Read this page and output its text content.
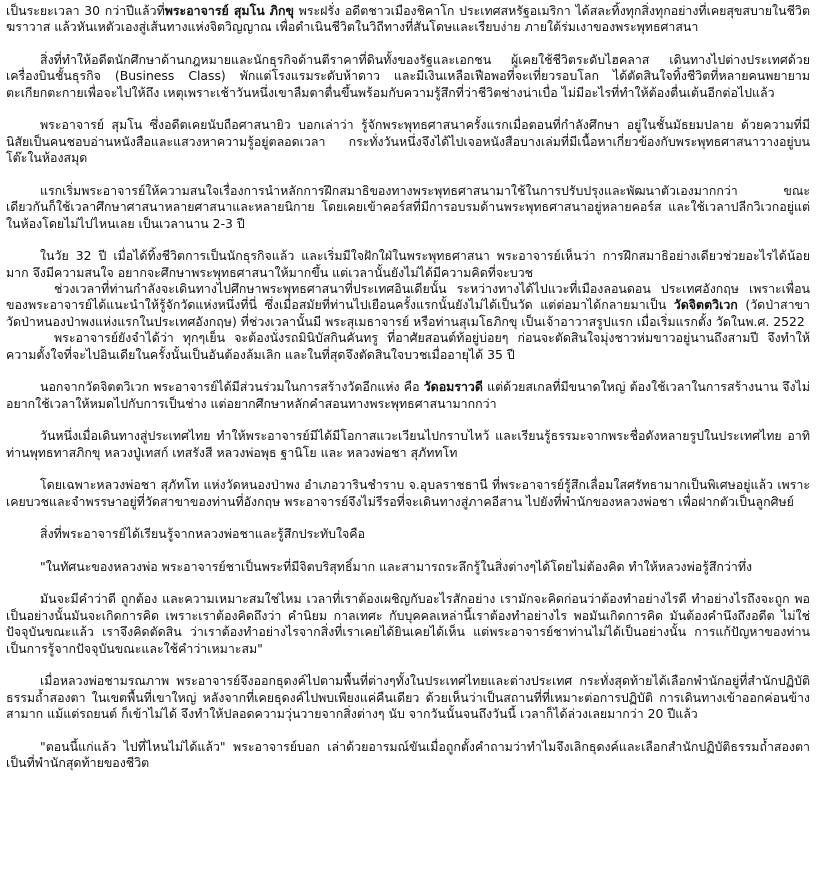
เป็นระยะเวลา 30 กว่าปีแล้วที่พระอาจารย์ สุมโน ภิกขุ พระฝรั่ง อดีตชาวเมืองชิคาโก ประเทศสหรัฐอเมริกา ได้สละทิ้งทุกสิ่งทุกอย่างที่เคยสุขสบายในชีวิตฆราวาส แล้วหันเหตัวเองสู่เส้นทางแห่งจิตวิญญาณ เพื่อดำเนินชีวิตในวิถีทางที่สันโดษและเรียบง่าย ภายใต้ร่มเงาของพระพุทธศาสนา

สิ่งที่ทำให้อดีตนักศึกษาด้านกฎหมายและนักธุรกิจด้านตีราคาที่ดินทั้งของรัฐและเอกชน ผู้เคยใช้ชีวิตระดับไฮคลาส เดินทางไปต่างประเทศด้วยเครื่องบินชั้นธุรกิจ (Business Class) พักแต่โรงแรมระดับห้าดาว และมีเงินเหลือเฟือพอที่จะเที่ยวรอบโลก ได้ตัดสินใจทิ้งชีวิตที่หลายคนพยายามตะเกียกตะกายเพื่อจะไปให้ถึง เหตุเพราะเช้าวันหนึ่งเขาลืมตาตื่นขึ้นพร้อมกับความรู้สึกที่ว่าชีวิตช่างน่าเบื่อ ไม่มีอะไรที่ทำให้ต้องตื่นเต้นอีกต่อไปแล้ว

พระอาจารย์ สุมโน ซึ่งอดีตเคยนับถือศาสนายิว บอกเล่าว่า รู้จักพระพุทธศาสนาครั้งแรกเมื่อตอนที่กำลังศึกษา อยู่ในชั้นมัธยมปลาย ด้วยความที่มีนิสัยเป็นคนชอบอ่านหนังสือและแสวงหาความรู้อยู่ตลอดเวลา กระทั่งวันหนึ่งจึงได้ไปเจอหนังสือบางเล่มที่มีเนื้อหาเกี่ยวข้องกับพระพุทธศาสนาวางอยู่บนโต๊ะในห้องสมุด

แรกเริ่มพระอาจารย์ให้ความสนใจเรื่องการนำหลักการฝึกสมาธิของทางพระพุทธศาสนามาใช้ในการปรับปรุงและพัฒนาตัวเองมากกว่า ขณะเดียวกันก็ใช้เวลาศึกษาศาสนาหลายศาสนาและหลายนิกาย โดยเคยเข้าคอร์สที่มีการอบรมด้านพระพุทธศาสนาอยู่หลายคอร์ส และใช้เวลาปลีกวิเวกอยู่แต่ในห้องโดยไม่ไปไหนเลย เป็นเวลานาน 2-3 ปี

ในวัย 32 ปี เมื่อได้ทิ้งชีวิตการเป็นนักธุรกิจแล้ว และเริ่มมีใจฝักใฝ่ในพระพุทธศาสนา พระอาจารย์เห็นว่า การฝึกสมาธิอย่างเดียวช่วยอะไรได้น้อยมาก จึงมีความสนใจ อยากจะศึกษาพระพุทธศาสนาให้มากขึ้น แต่เวลานั้นยังไม่ได้มีความคิดที่จะบวช

ช่วงเวลาที่ท่านกำลังจะเดินทางไปศึกษาพระพุทธศาสนาที่ประเทศอินเดียนั้น ระหว่างทางได้ไปแวะที่เมืองลอนดอน ประเทศอังกฤษ เพราะเพื่อนของพระอาจารย์ได้แนะนำให้รู้จักวัดแห่งหนึ่งที่นี่ ซึ่งเมื่อสมัยที่ท่านไปเยือนครั้งแรกนั้นยังไม่ได้เป็นวัด แต่ต่อมาได้กลายมาเป็น วัดจิตตวิเวก (วัดป่าสาขาวัดป่าหนองป่าพงแห่งแรกในประเทศอังกฤษ) ที่ช่วงเวลานั้นมี พระสุเมธาจารย์ หรือท่านสุเมโธภิกขุ เป็นเจ้าอาวาสรูปแรก เมื่อเริ่มแรกตั้ง วัดในพ.ศ. 2522

พระอาจารย์ยังจำได้ว่า ทุกๆเย็น จะต้องนั่งรถมินิบัสกินคันทรู ที่อาศัยสอนต์ท้อยู่บ่อยๆ ก่อนจะตัดสินใจมุ่งชาวห่มขาวอยู่นานถึงสามปี จึงทำให้ความตั้งใจที่จะไปอินเดียในครั้งนั้นเป็นอันต้องล้มเลิก และในที่สุดจึงตัดสินใจบวชเมื่ออายุได้ 35 ปี

นอกจากวัดจิตตวิเวก พระอาจารย์ได้มีส่วนร่วมในการสร้างวัดอีกแห่ง คือ วัดอมราวดี แต่ด้วยสเกลที่มีขนาดใหญ่ ต้องใช้เวลาในการสร้างนาน จึงไม่อยากใช้เวลาให้หมดไปกับการเป็นช่าง แต่อยากศึกษาหลักคำสอนทางพระพุทธศาสนามากกว่า

วันหนึ่งเมื่อเดินทางสู่ประเทศไทย ทำให้พระอาจารย์มีได้มีโอกาสแวะเวียนไปกราบไหว้ และเรียนรู้ธรรมะจากพระชื่อดังหลายรูปในประเทศไทย อาทิ ท่านพุทธทาสภิกขุ หลวงปู่เทสก์ เทสรังสี หลวงพ่อพุธ ฐานิโย และ หลวงพ่อชา สุภัททโท

โดยเฉพาะหลวงพ่อชา สุภัทโท แห่งวัดหนองป่าพง อำเภอวารินชำราบ จ.อุบลราชธานี ที่พระอาจารย์รู้สึกเลื่อมใสศรัทธามากเป็นพิเศษอยู่แล้ว เพราะเคยบวชและจำพรรษาอยู่ที่วัดสาขาของท่านที่อังกฤษ พระอาจารย์จึงไม่รีรอที่จะเดินทางสู่ภาคอีสาน ไปยังที่พำนักของหลวงพ่อชา เพื่อฝากตัวเป็นลูกศิษย์

สิ่งที่พระอาจารย์ได้เรียนรู้จากหลวงพ่อชาและรู้สึกประทับใจคือ

"ในทัศนะของหลวงพ่อ พระอาจารย์ชาเป็นพระที่มีจิตบริสุทธิ์มาก และสามารถระลึกรู้ในสิ่งต่างๆได้โดยไม่ต้องคิด ทำให้หลวงพ่อรู้สึกว่าทึ่ง

มันจะมีคำว่าดี ถูกต้อง และความเหมาะสมใช่ไหม เวลาที่เราต้องเผชิญกับอะไรสักอย่าง เรามักจะคิดก่อนว่าต้องทำอย่างไรดี ทำอย่างไรถึงจะถูก พอเป็นอย่างนั้นมันจะเกิดการคิด เพราะเราต้องคิดถึงว่า คำนิยม กาลเทศะ กับบุคคลเหล่านี้เราต้องทำอย่างไร พอมันเกิดการคิด มันต้องคำนึงถึงอดีต ไม่ใช่ปัจจุบันขณะแล้ว เราจึงคิดตัดสิน ว่าเราต้องทำอย่างไรจากสิ่งที่เราเคยได้ยินเคยได้เห็น แต่พระอาจารย์ชาท่านไม่ได้เป็นอย่างนั้น การแก้ปัญหาของท่านเป็นการรู้จากปัจจุบันขณะและใช้คำว่าเหมาะสม"

เมื่อหลวงพ่อชามรณภาพ พระอาจารย์จึงออกธุดงค์ไปตามพื้นที่ต่างๆทั้งในประเทศไทยและต่างประเทศ กระทั่งสุดท้ายได้เลือกพำนักอยู่ที่สำนักปฏิบัติธรรมถ้ำสองตา ในเขตพื้นที่เขาใหญ่ หลังจากที่เคยธุดงค์ไปพบเพียงแค่คืนเดียว ด้วยเห็นว่าเป็นสถานที่ที่เหมาะต่อการปฏิบัติ การเดินทางเข้าออกค่อนข้างสามาก แม้แต่รถยนต์ ก็เข้าไม่ได้ จึงทำให้ปลอดความวุ่นวายจากสิ่งต่างๆ นับ จากวันนั้นจนถึงวันนี้ เวลาก็ได้ล่วงเลยมากว่า 20 ปีแล้ว

"ตอนนี้แก่แล้ว ไปที่ไหนไม่ได้แล้ว" พระอาจารย์บอก เล่าด้วยอารมณ์ขันเมื่อถูกตั้งคำถามว่าทำไมจึงเลิกธุดงค์และเลือกสำนักปฏิบัติธรรมถ้ำสองตาเป็นที่พำนักสุดท้ายของชีวิต
